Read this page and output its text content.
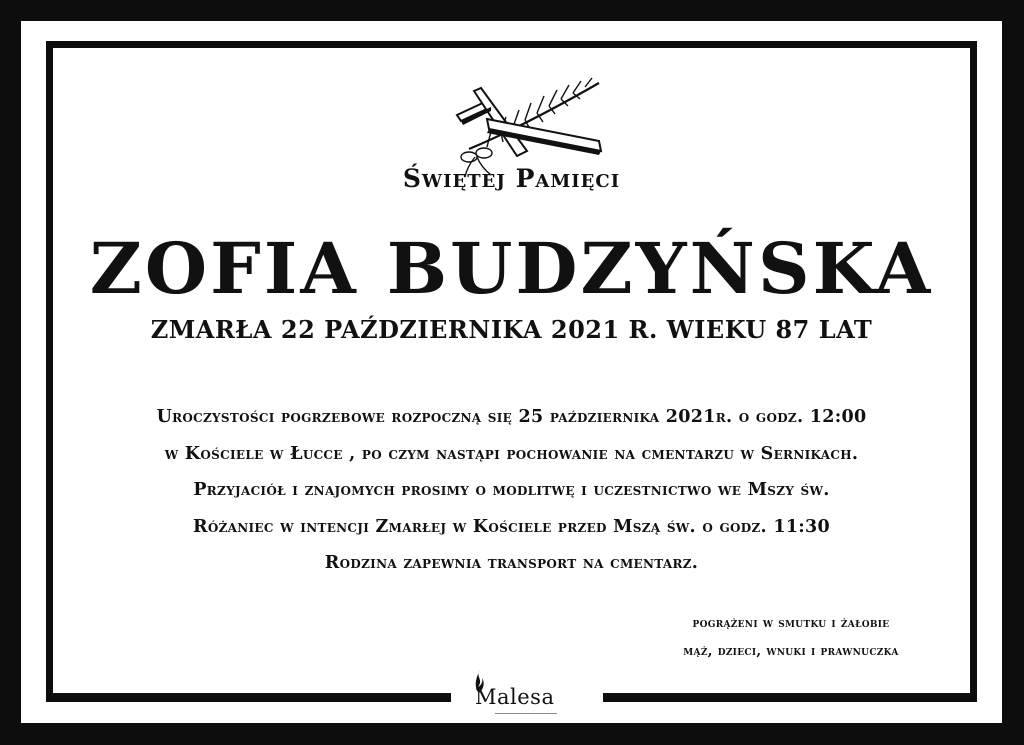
Świętej Pamięci
ZOFIA BUDZYŃSKA
ZMARŁA 22 PAŹDZIERNIKA 2021 R. WIEKU 87 LAT
Uroczystości pogrzebowe rozpoczną się 25 października 2021r. o godz. 12:00
w Kościele w Łucce , po czym nastąpi pochowanie na cmentarzu w Sernikach.
Przyjaciół i znajomych prosimy o modlitwę i uczestnictwo we Mszy św.
Różaniec w intencji Zmarłej w Kościele przed Mszą św. o godz. 11:30
Rodzina zapewnia transport na cmentarz.
pogrążeni w smutku i żałobie
mąż, dzieci, wnuki i prawnuczka
Malesa
